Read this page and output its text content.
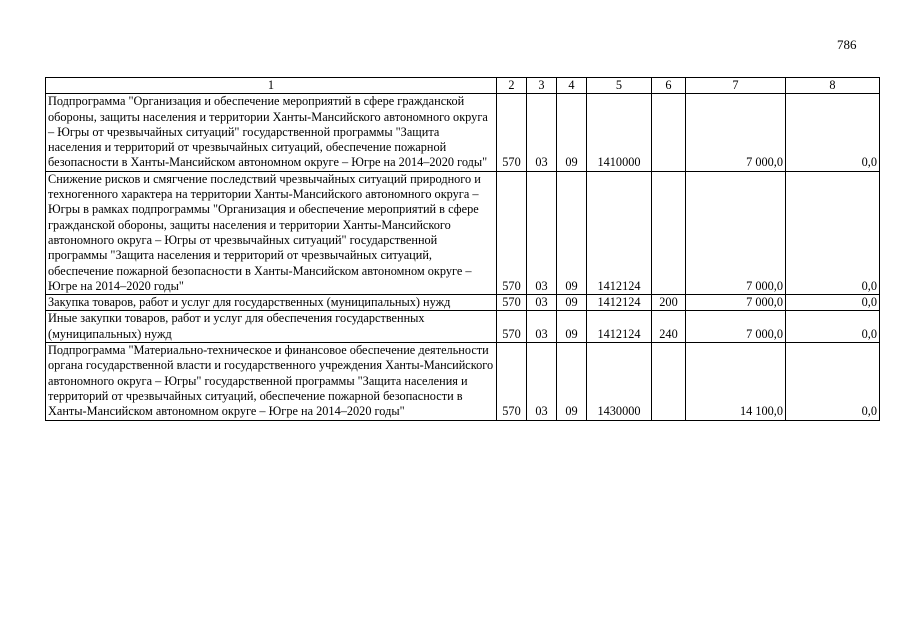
786
1	2	3	4	5	6	7	8
Подпрограмма "Организация и обеспечение мероприятий в сфере гражданской обороны, защиты населения и территории Ханты-Мансийского автономного округа – Югры от чрезвычайных ситуаций" государственной программы "Защита населения и территорий от чрезвычайных ситуаций, обеспечение пожарной безопасности в Ханты-Мансийском автономном округе – Югре на 2014–2020 годы"	570	03	09	1410000		7 000,0	0,0
Снижение рисков и смягчение последствий чрезвычайных ситуаций природного и техногенного характера на территории Ханты-Мансийского автономного округа – Югры в рамках подпрограммы "Организация и обеспечение мероприятий в сфере гражданской обороны, защиты населения и территории Ханты-Мансийского автономного округа – Югры от чрезвычайных ситуаций" государственной программы "Защита населения и территорий от чрезвычайных ситуаций, обеспечение пожарной безопасности в Ханты-Мансийском автономном округе – Югре на 2014–2020 годы"	570	03	09	1412124		7 000,0	0,0
Закупка товаров, работ и услуг для государственных (муниципальных) нужд	570	03	09	1412124	200	7 000,0	0,0
Иные закупки товаров, работ и услуг для обеспечения государственных (муниципальных) нужд	570	03	09	1412124	240	7 000,0	0,0
Подпрограмма "Материально-техническое и финансовое обеспечение деятельности органа государственной власти и государственного учреждения Ханты-Мансийского автономного округа – Югры" государственной программы "Защита населения и территорий от чрезвычайных ситуаций, обеспечение пожарной безопасности в Ханты-Мансийском автономном округе – Югре на 2014–2020 годы"	570	03	09	1430000		14 100,0	0,0
